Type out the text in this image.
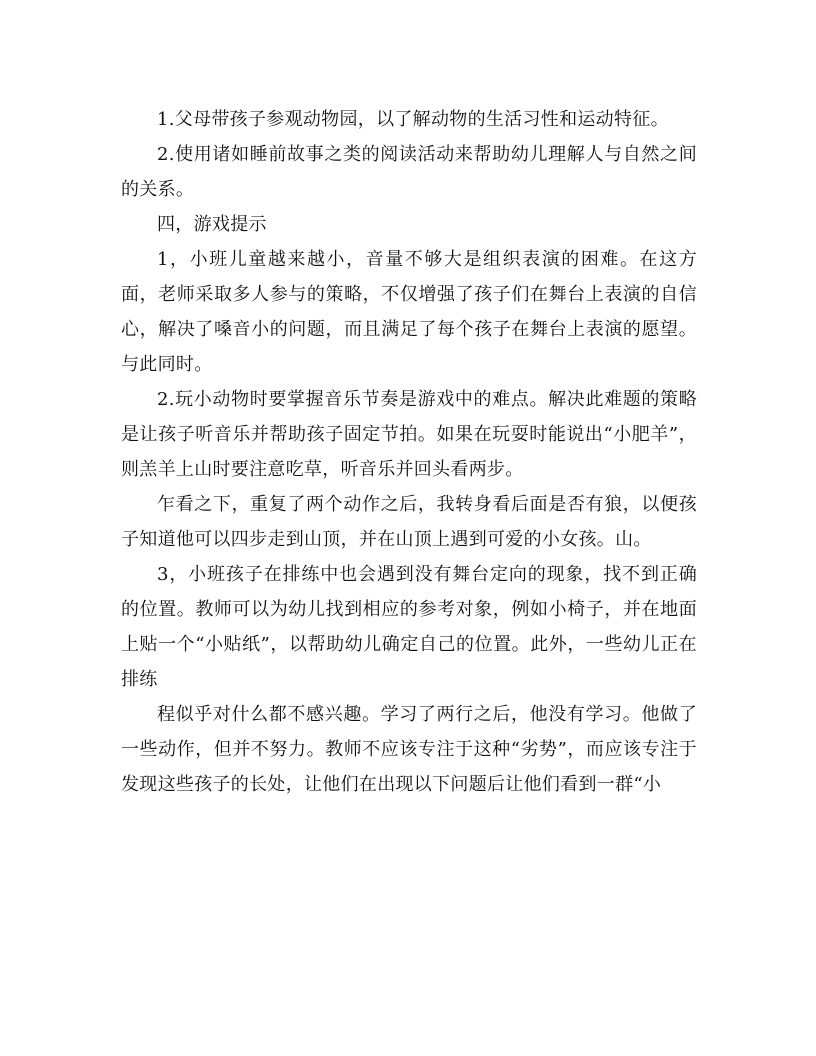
1.父母带孩子参观动物园，以了解动物的生活习性和运动特征。

2.使用诸如睡前故事之类的阅读活动来帮助幼儿理解人与自然之间的关系。

四，游戏提示

1，小班儿童越来越小，音量不够大是组织表演的困难。在这方面，老师采取多人参与的策略，不仅增强了孩子们在舞台上表演的自信心，解决了嗓音小的问题，而且满足了每个孩子在舞台上表演的愿望。与此同时。

2.玩小动物时要掌握音乐节奏是游戏中的难点。解决此难题的策略是让孩子听音乐并帮助孩子固定节拍。如果在玩耍时能说出“小肥羊”，则羔羊上山时要注意吃草，听音乐并回头看两步。

乍看之下，重复了两个动作之后，我转身看后面是否有狼，以便孩子知道他可以四步走到山顶，并在山顶上遇到可爱的小女孩。山。

3，小班孩子在排练中也会遇到没有舞台定向的现象，找不到正确的位置。教师可以为幼儿找到相应的参考对象，例如小椅子，并在地面上贴一个“小贴纸”，以帮助幼儿确定自己的位置。此外，一些幼儿正在排练

程似乎对什么都不感兴趣。学习了两行之后，他没有学习。他做了一些动作，但并不努力。教师不应该专注于这种“劣势”，而应该专注于发现这些孩子的长处，让他们在出现以下问题后让他们看到一群“小
